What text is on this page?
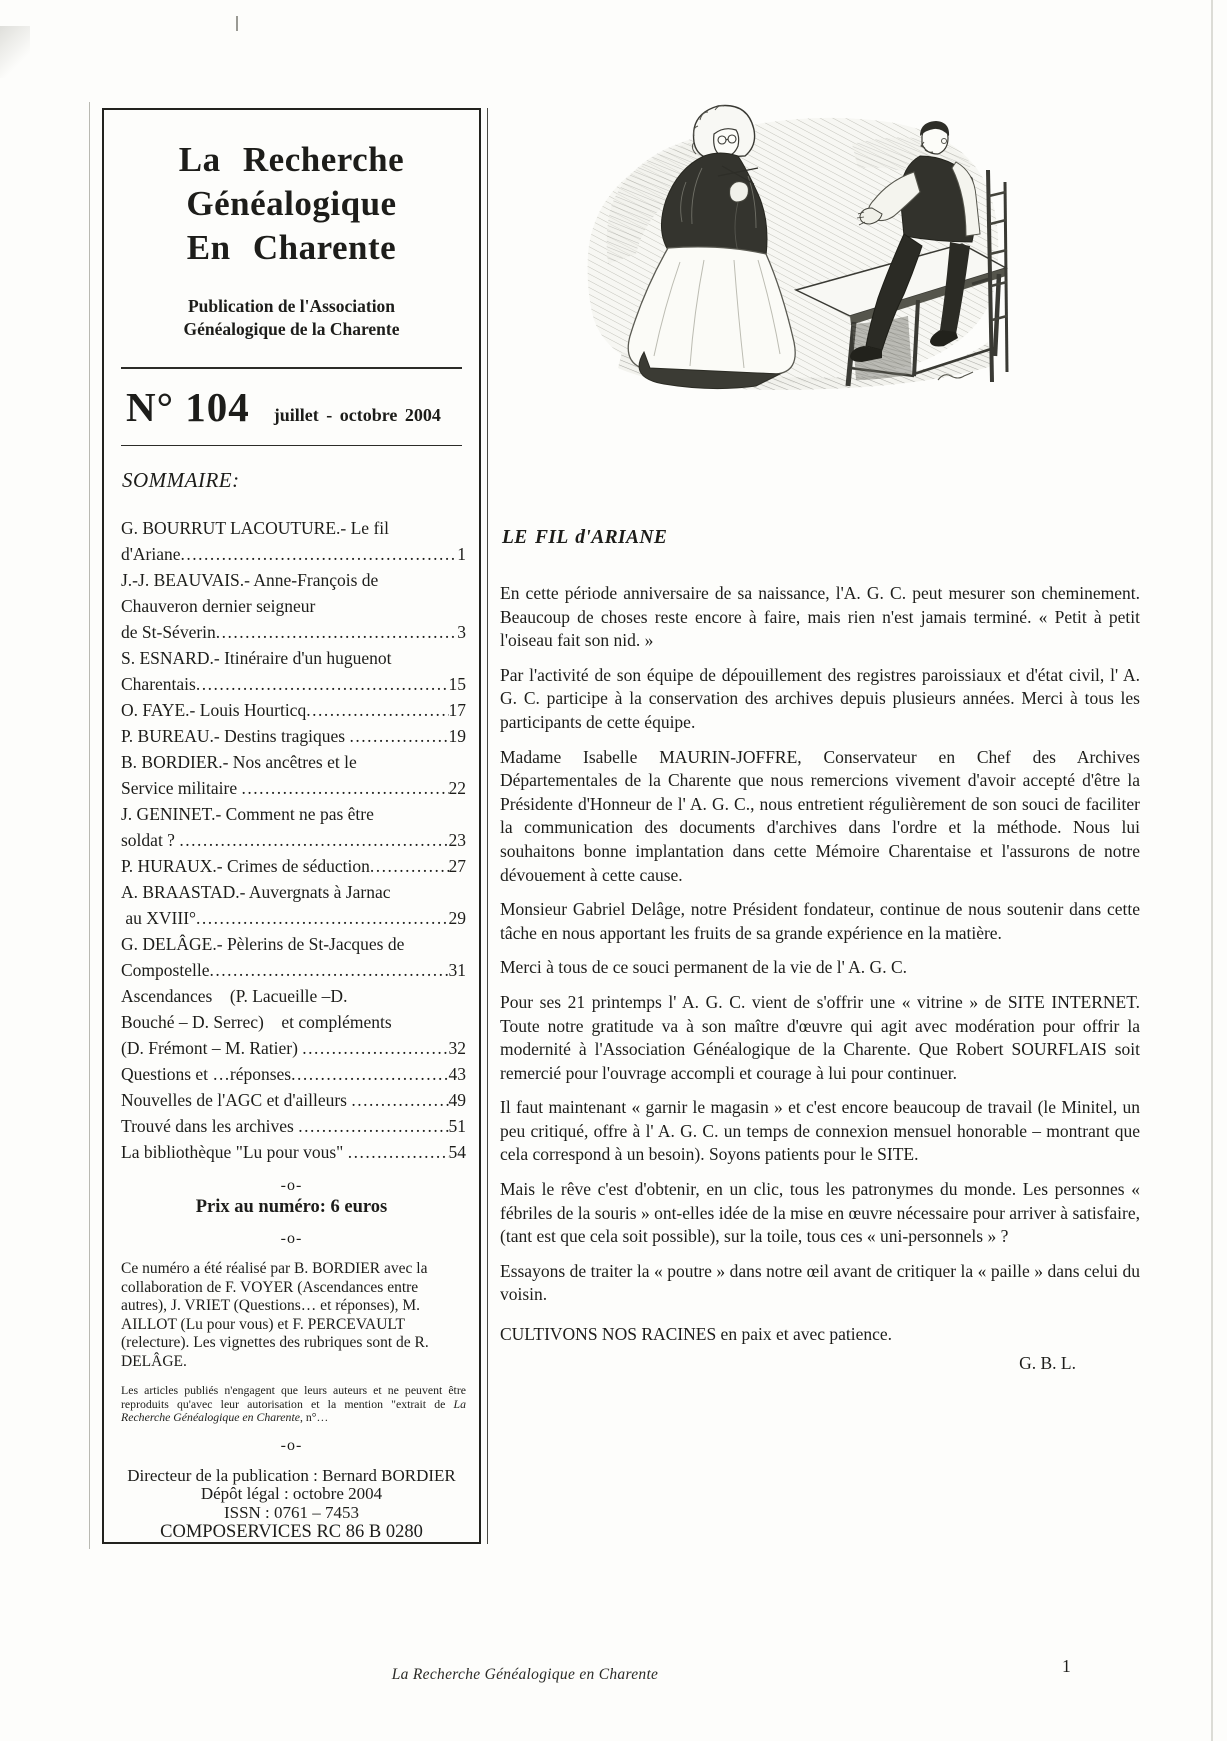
La Recherche
Généalogique
En Charente
Publication de l'Association
Généalogique de la Charente
N° 104 juillet - octobre 2004
SOMMAIRE:
G. BOURRUT LACOUTURE.- Le fil
d'Ariane .....	1
J.-J. BEAUVAIS.- Anne-François de
Chauveron dernier seigneur
de St-Séverin .....	3
S. ESNARD.- Itinéraire d'un huguenot
Charentais .....	15
O. FAYE.- Louis Hourticq .....	17
P. BUREAU.- Destins tragiques .....	19
B. BORDIER.- Nos ancêtres et le
Service militaire .....	22
J. GENINET.- Comment ne pas être
soldat ? .....	23
P. HURAUX.- Crimes de séduction .....	27
A. BRAASTAD.- Auvergnats à Jarnac
au XVIII° .....	29
G. DELÂGE.- Pèlerins de St-Jacques de
Compostelle .....	31
Ascendances    (P. Lacueille –D.
Bouché – D. Serrec)    et compléments
(D. Frémont – M. Ratier) .....	32
Questions et …réponses .....	43
Nouvelles de l'AGC et d'ailleurs .....	49
Trouvé dans les archives .....	51
La bibliothèque "Lu pour vous" .....	54
-o-
Prix au numéro: 6 euros
-o-
Ce numéro a été réalisé par B. BORDIER avec la collaboration de F. VOYER (Ascendances entre autres), J. VRIET (Questions… et réponses), M. AILLOT (Lu pour vous) et F. PERCEVAULT (relecture). Les vignettes des rubriques sont de R. DELÂGE.
Les articles publiés n'engagent que leurs auteurs et ne peuvent être reproduits qu'avec leur autorisation et la mention "extrait de La Recherche Généalogique en Charente, n°…
-o-
Directeur de la publication : Bernard BORDIER
Dépôt légal : octobre 2004
ISSN : 0761 – 7453
COMPOSERVICES RC 86 B 0280
LE FIL d'ARIANE

En cette période anniversaire de sa naissance, l'A. G. C. peut mesurer son cheminement. Beaucoup de choses reste encore à faire, mais rien n'est jamais terminé. « Petit à petit l'oiseau fait son nid. »

Par l'activité de son équipe de dépouillement des registres paroissiaux et d'état civil, l' A. G. C. participe à la conservation des archives depuis plusieurs années. Merci à tous les participants de cette équipe.

Madame Isabelle MAURIN-JOFFRE, Conservateur en Chef des Archives Départementales de la Charente que nous remercions vivement d'avoir accepté d'être la Présidente d'Honneur de l' A. G. C., nous entretient régulièrement de son souci de faciliter la communication des documents d'archives dans l'ordre et la méthode. Nous lui souhaitons bonne implantation dans cette Mémoire Charentaise et l'assurons de notre dévouement à cette cause.

Monsieur Gabriel Delâge, notre Président fondateur, continue de nous soutenir dans cette tâche en nous apportant les fruits de sa grande expérience en la matière.

Merci à tous de ce souci permanent de la vie de l' A. G. C.

Pour ses 21 printemps l' A. G. C. vient de s'offrir une « vitrine » de SITE INTERNET. Toute notre gratitude va à son maître d'œuvre qui agit avec modération pour offrir la modernité à l'Association Généalogique de la Charente. Que Robert SOURFLAIS soit remercié pour l'ouvrage accompli et courage à lui pour continuer.

Il faut maintenant « garnir le magasin » et c'est encore beaucoup de travail (le Minitel, un peu critiqué, offre à l' A. G. C. un temps de connexion mensuel honorable – montrant que cela correspond à un besoin). Soyons patients pour le SITE.

Mais le rêve c'est d'obtenir, en un clic, tous les patronymes du monde. Les personnes « fébriles de la souris » ont-elles idée de la mise en œuvre nécessaire pour arriver à satisfaire, (tant est que cela soit possible), sur la toile, tous ces « uni-personnels » ?

Essayons de traiter la « poutre » dans notre œil avant de critiquer la « paille » dans celui du voisin.

CULTIVONS NOS RACINES en paix et avec patience.
G. B. L.
La Recherche Généalogique en Charente	1
